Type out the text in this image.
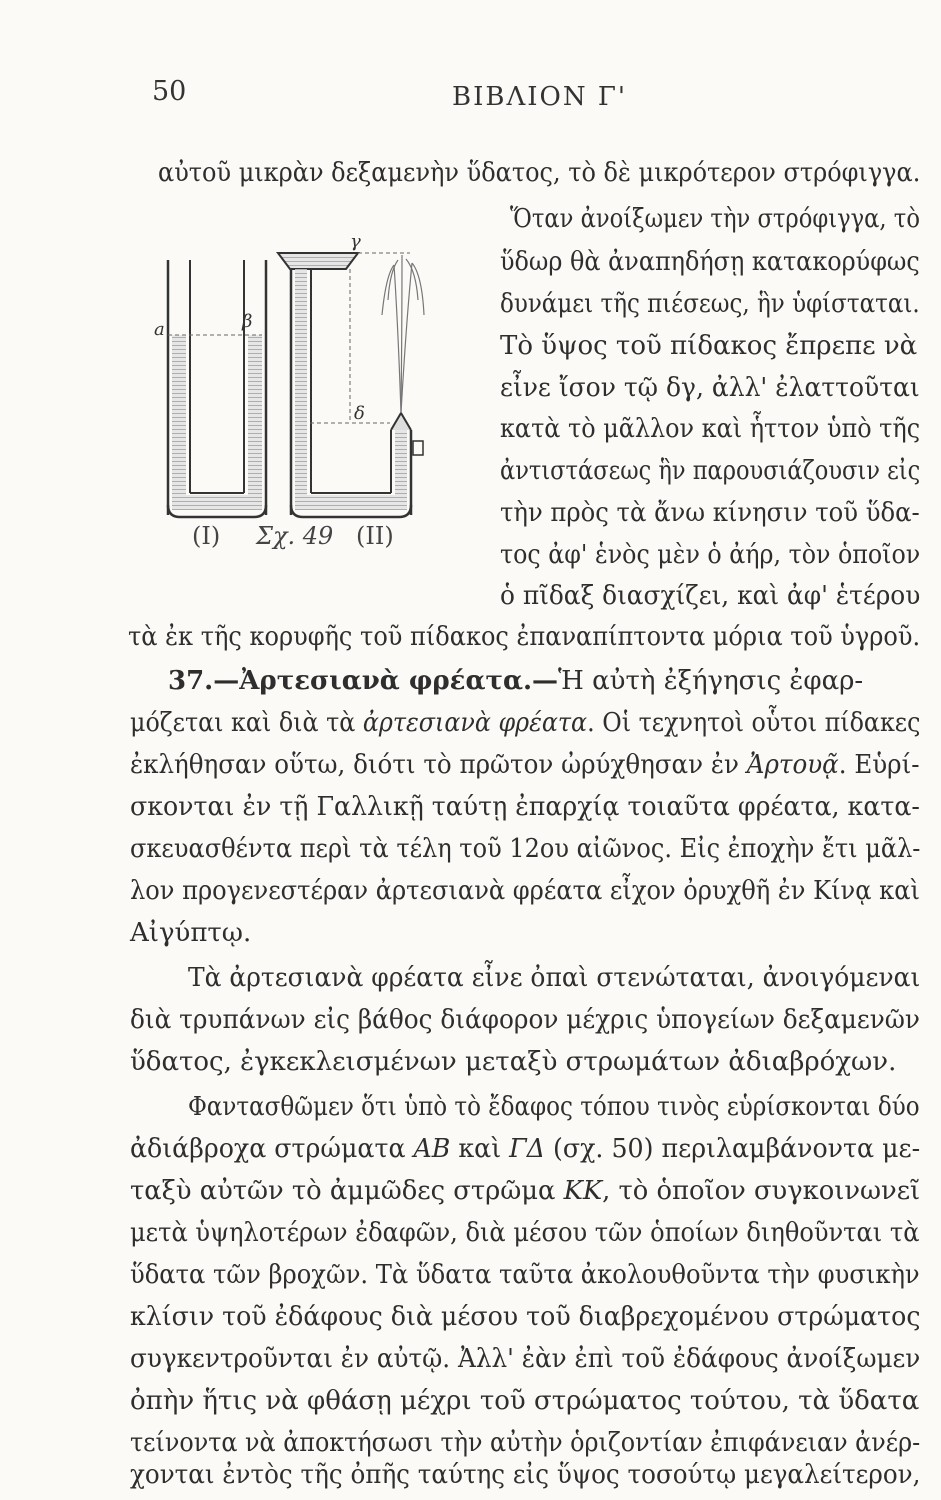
50	ΒΙΒΛΙΟΝ Γ'
a	β
γ
δ
(I) Σχ. 49 (II)
αὐτοῦ μικρὰν δεξαμενὴν ὕδατος, τὸ δὲ μικρότερον στρόφιγγα.
Ὅταν ἀνοίξωμεν τὴν στρόφιγγα, τὸ
ὕδωρ θὰ ἀναπηδήσῃ κατακορύφως
δυνάμει τῆς πιέσεως, ἣν ὑφίσταται.
Τὸ ὕψος τοῦ πίδακος ἔπρεπε νὰ
εἶνε ἴσον τῷ δγ, ἀλλ' ἐλαττοῦται
κατὰ τὸ μᾶλλον καὶ ἧττον ὑπὸ τῆς
ἀντιστάσεως ἣν παρουσιάζουσιν εἰς
τὴν πρὸς τὰ ἄνω κίνησιν τοῦ ὕδα-
τος ἀφ' ἑνὸς μὲν ὁ ἀήρ, τὸν ὁποῖον
ὁ πῖδαξ διασχίζει, καὶ ἀφ' ἑτέρου
τὰ ἐκ τῆς κορυφῆς τοῦ πίδακος ἐπαναπίπτοντα μόρια τοῦ ὑγροῦ.
37.—Ἀρτεσιανὰ φρέατα.—Ἡ αὐτὴ ἐξήγησις ἐφαρ-
μόζεται καὶ διὰ τὰ ἀρτεσιανὰ φρέατα. Οἱ τεχνητοὶ οὗτοι πίδακες
ἐκλήθησαν οὕτω, διότι τὸ πρῶτον ὠρύχθησαν ἐν Ἀρτουᾷ. Εὑρί-
σκονται ἐν τῇ Γαλλικῇ ταύτῃ ἐπαρχίᾳ τοιαῦτα φρέατα, κατα-
σκευασθέντα περὶ τὰ τέλη τοῦ 12ου αἰῶνος. Εἰς ἐποχὴν ἔτι μᾶλ-
λον προγενεστέραν ἀρτεσιανὰ φρέατα εἶχον ὀρυχθῆ ἐν Κίνᾳ καὶ
Αἰγύπτῳ.
Τὰ ἀρτεσιανὰ φρέατα εἶνε ὀπαὶ στενώταται, ἀνοιγόμεναι
διὰ τρυπάνων εἰς βάθος διάφορον μέχρις ὑπογείων δεξαμενῶν
ὕδατος, ἐγκεκλεισμένων μεταξὺ στρωμάτων ἀδιαβρόχων.
Φαντασθῶμεν ὅτι ὑπὸ τὸ ἔδαφος τόπου τινὸς εὑρίσκονται δύο
ἀδιάβροχα στρώματα ΑΒ καὶ ΓΔ (σχ. 50) περιλαμβάνοντα με-
ταξὺ αὐτῶν τὸ ἀμμῶδες στρῶμα ΚΚ, τὸ ὁποῖον συγκοινωνεῖ
μετὰ ὑψηλοτέρων ἐδαφῶν, διὰ μέσου τῶν ὁποίων διηθοῦνται τὰ
ὕδατα τῶν βροχῶν. Τὰ ὕδατα ταῦτα ἀκολουθοῦντα τὴν φυσικὴν
κλίσιν τοῦ ἐδάφους διὰ μέσου τοῦ διαβρεχομένου στρώματος
συγκεντροῦνται ἐν αὐτῷ. Ἀλλ' ἐὰν ἐπὶ τοῦ ἐδάφους ἀνοίξωμεν
ὀπὴν ἥτις νὰ φθάσῃ μέχρι τοῦ στρώματος τούτου, τὰ ὕδατα
τείνοντα νὰ ἀποκτήσωσι τὴν αὐτὴν ὁριζοντίαν ἐπιφάνειαν ἀνέρ-
χονται ἐντὸς τῆς ὀπῆς ταύτης εἰς ὕψος τοσούτῳ μεγαλείτερον,
